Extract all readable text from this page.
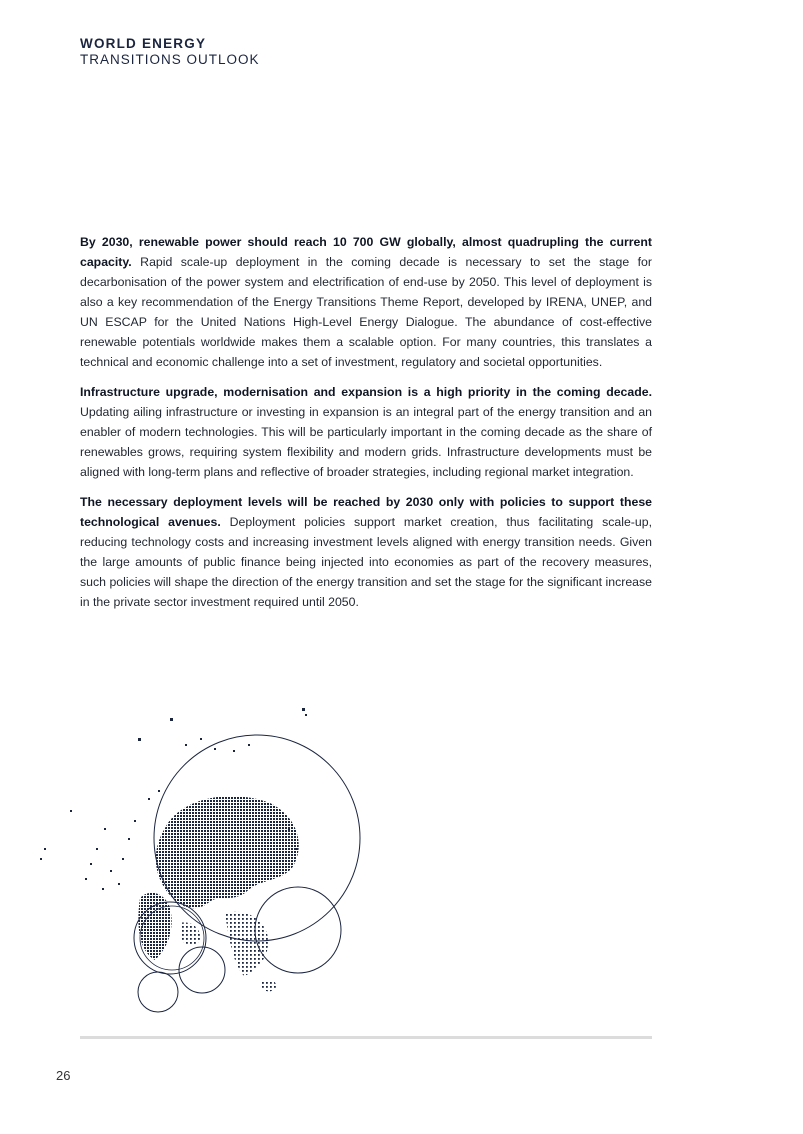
WORLD ENERGY
TRANSITIONS OUTLOOK

By 2030, renewable power should reach 10 700 GW globally, almost quadrupling the current capacity. Rapid scale-up deployment in the coming decade is necessary to set the stage for decarbonisation of the power system and electrification of end-use by 2050. This level of deployment is also a key recommendation of the Energy Transitions Theme Report, developed by IRENA, UNEP, and UN ESCAP for the United Nations High-Level Energy Dialogue. The abundance of cost-effective renewable potentials worldwide makes them a scalable option. For many countries, this translates a technical and economic challenge into a set of investment, regulatory and societal opportunities.

Infrastructure upgrade, modernisation and expansion is a high priority in the coming decade. Updating ailing infrastructure or investing in expansion is an integral part of the energy transition and an enabler of modern technologies. This will be particularly important in the coming decade as the share of renewables grows, requiring system flexibility and modern grids. Infrastructure developments must be aligned with long-term plans and reflective of broader strategies, including regional market integration.

The necessary deployment levels will be reached by 2030 only with policies to support these technological avenues. Deployment policies support market creation, thus facilitating scale-up, reducing technology costs and increasing investment levels aligned with energy transition needs. Given the large amounts of public finance being injected into economies as part of the recovery measures, such policies will shape the direction of the energy transition and set the stage for the significant increase in the private sector investment required until 2050.

26
